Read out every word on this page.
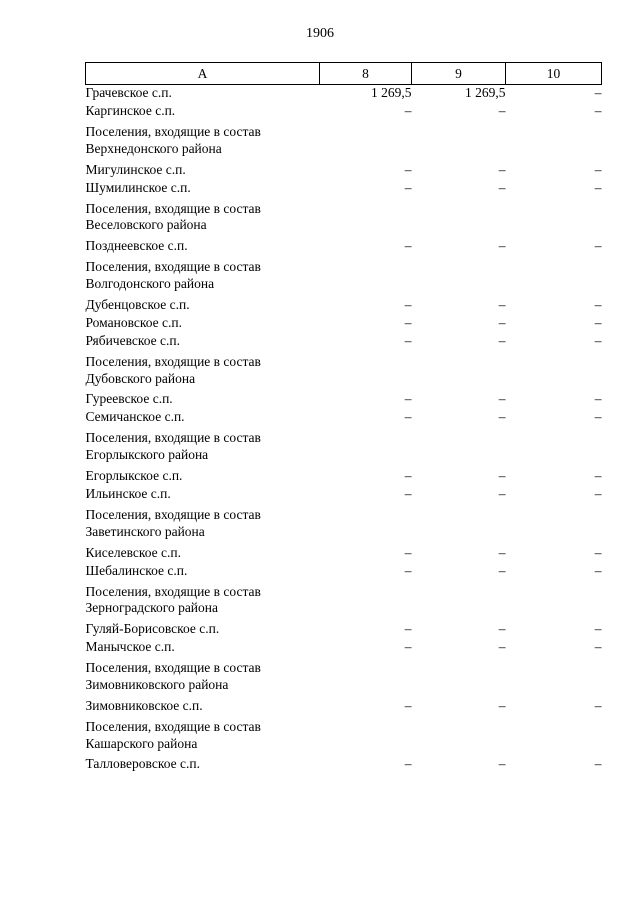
1906
A	8	9	10
Грачевское с.п.	1 269,5	1 269,5	–
Каргинское с.п.	–	–	–
Поселения, входящие в состав Верхнедонского района			
Мигулинское с.п.	–	–	–
Шумилинское с.п.	–	–	–
Поселения, входящие в состав Веселовского района			
Позднеевское с.п.	–	–	–
Поселения, входящие в состав Волгодонского района			
Дубенцовское с.п.	–	–	–
Романовское с.п.	–	–	–
Рябичевское с.п.	–	–	–
Поселения, входящие в состав Дубовского района			
Гуреевское с.п.	–	–	–
Семичанское с.п.	–	–	–
Поселения, входящие в состав Егорлыкского района			
Егорлыкское с.п.	–	–	–
Ильинское с.п.	–	–	–
Поселения, входящие в состав Заветинского района			
Киселевское с.п.	–	–	–
Шебалинское с.п.	–	–	–
Поселения, входящие в состав Зерноградского района			
Гуляй-Борисовское с.п.	–	–	–
Манычское с.п.	–	–	–
Поселения, входящие в состав Зимовниковского района			
Зимовниковское с.п.	–	–	–
Поселения, входящие в состав Кашарского района			
Талловеровское с.п.	–	–	–
